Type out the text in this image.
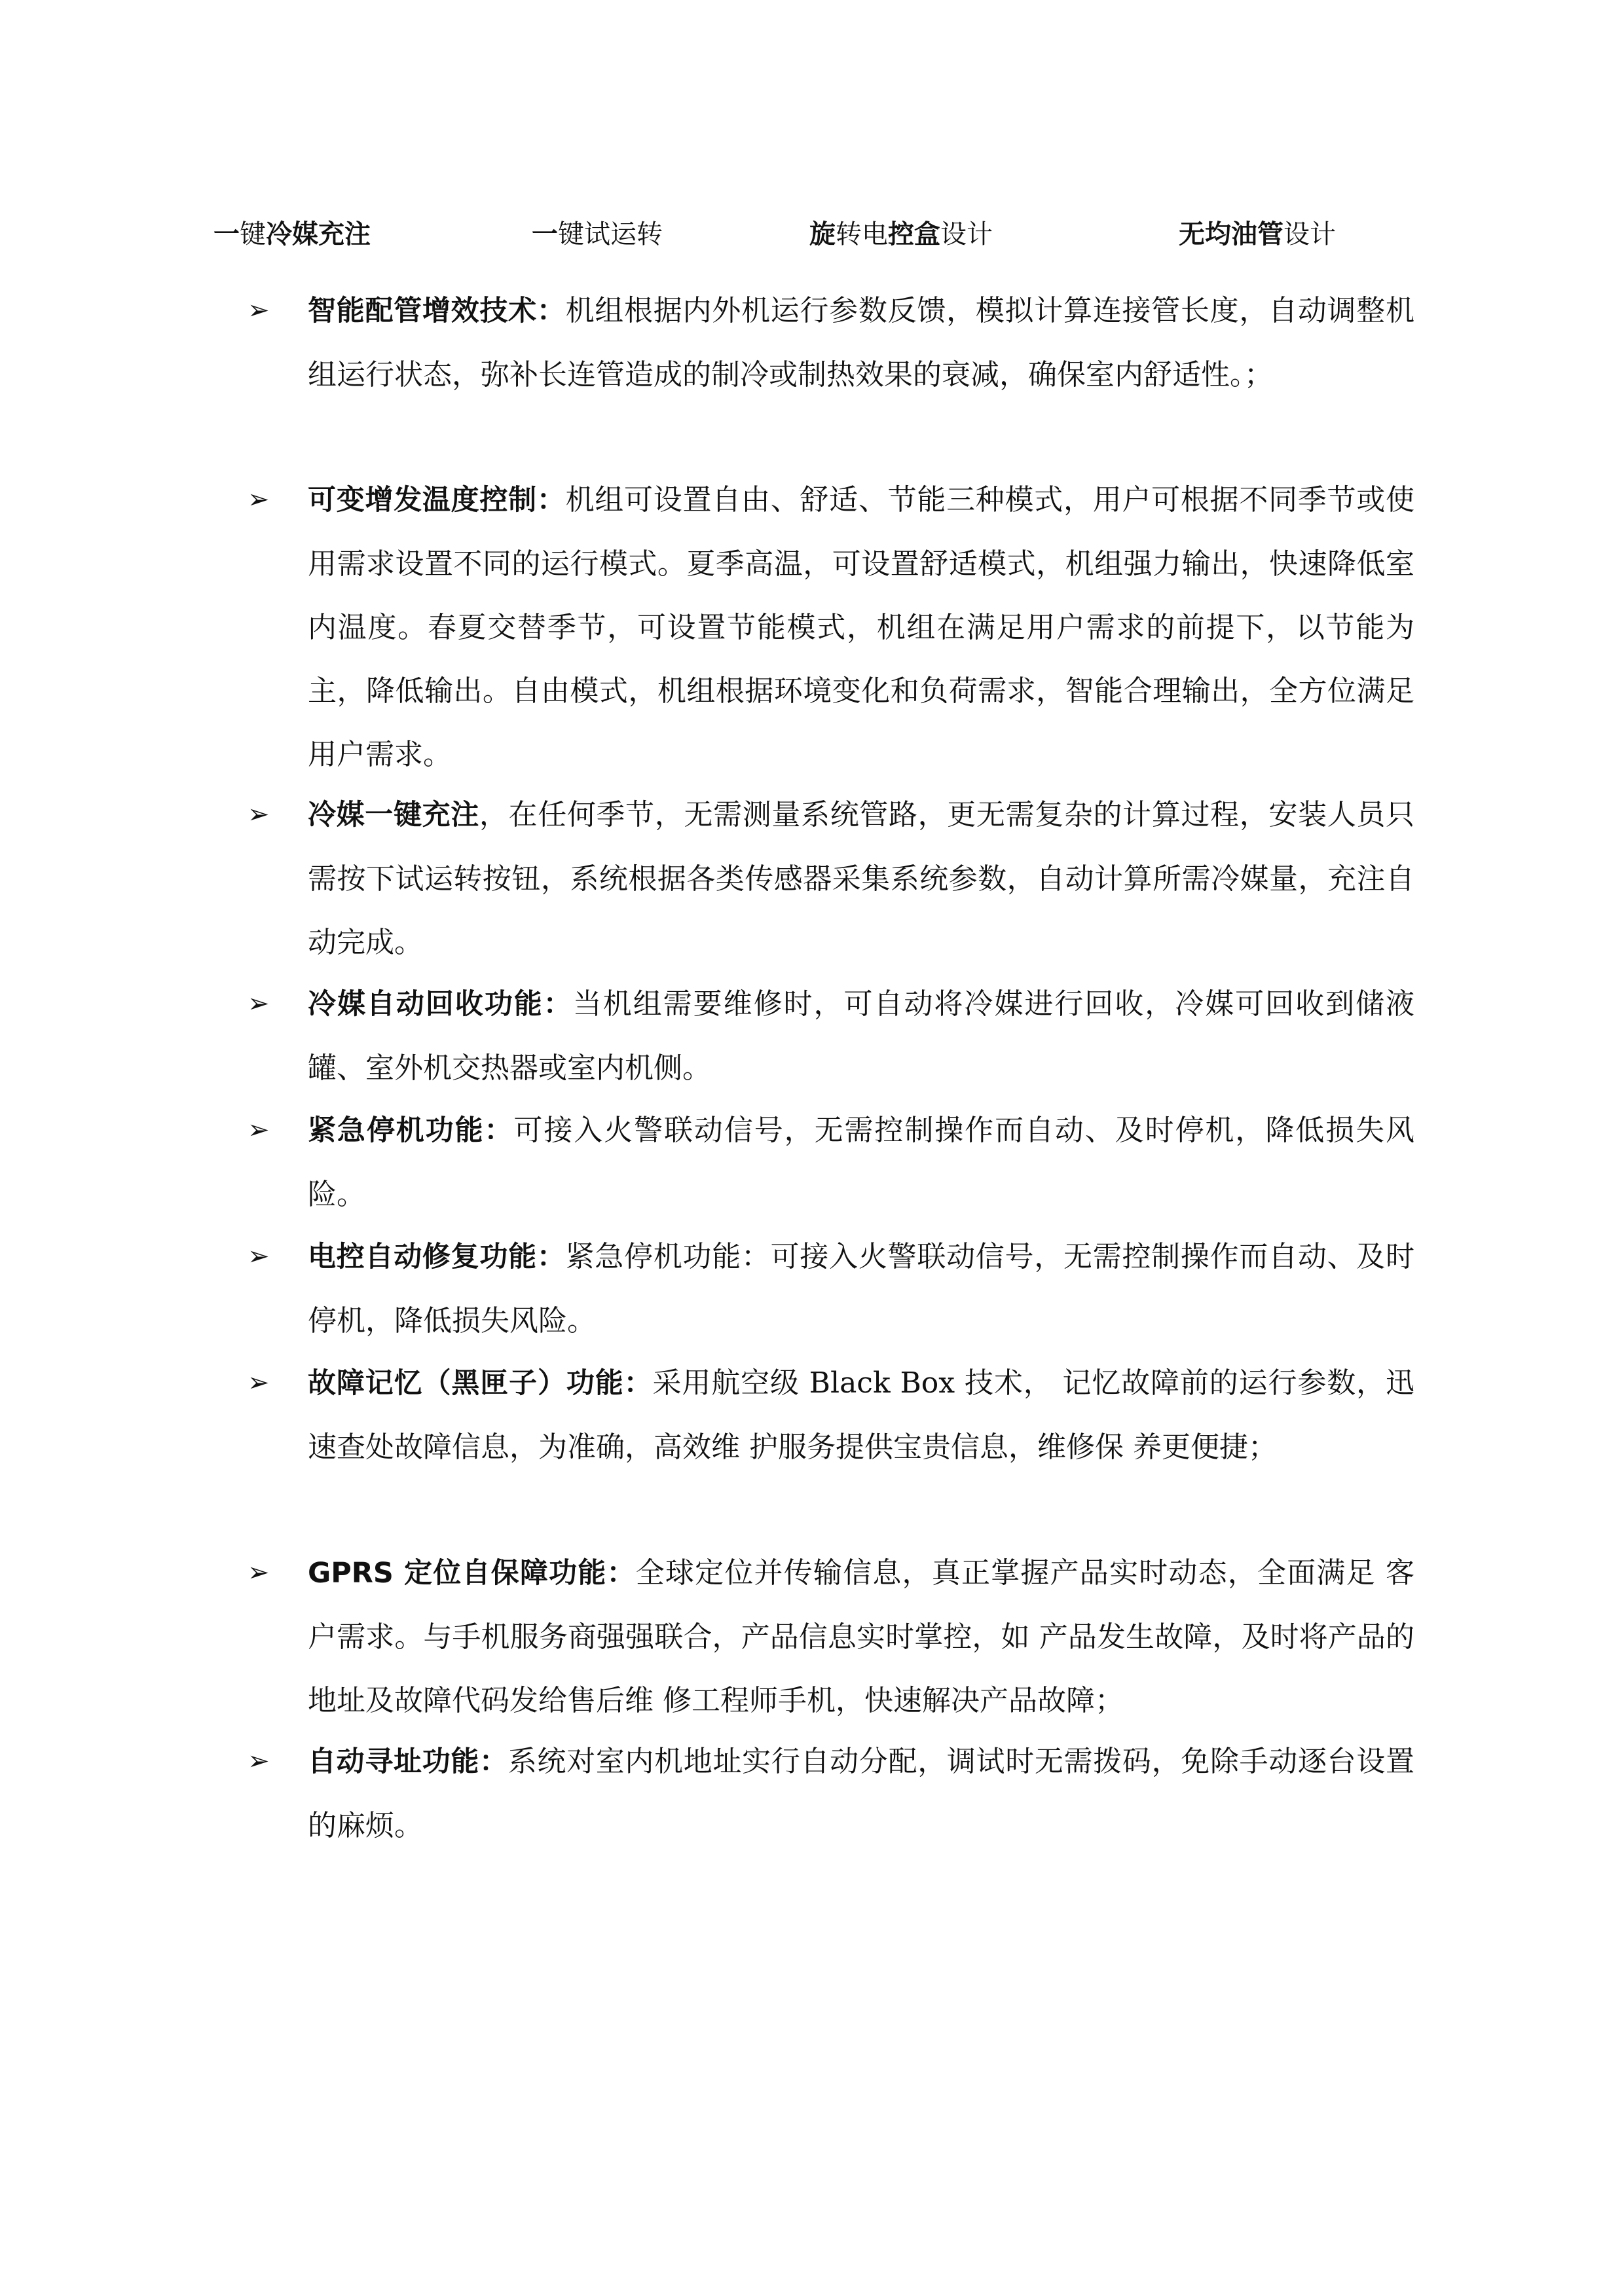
一键冷媒充注	一键试运转	旋转电控盒设计	无均油管设计
➢ 智能配管增效技术：机组根据内外机运行参数反馈，模拟计算连接管长度，自动调整机组运行状态，弥补长连管造成的制冷或制热效果的衰减，确保室内舒适性。；
➢ 可变增发温度控制：机组可设置自由、舒适、节能三种模式，用户可根据不同季节或使用需求设置不同的运行模式。夏季高温，可设置舒适模式，机组强力输出，快速降低室内温度。春夏交替季节，可设置节能模式，机组在满足用户需求的前提下，以节能为主，降低输出。自由模式，机组根据环境变化和负荷需求，智能合理输出，全方位满足用户需求。
➢ 冷媒一键充注，在任何季节，无需测量系统管路，更无需复杂的计算过程，安装人员只需按下试运转按钮，系统根据各类传感器采集系统参数，自动计算所需冷媒量，充注自动完成。
➢ 冷媒自动回收功能：当机组需要维修时，可自动将冷媒进行回收，冷媒可回收到储液罐、室外机交热器或室内机侧。
➢ 紧急停机功能：可接入火警联动信号，无需控制操作而自动、及时停机，降低损失风险。
➢ 电控自动修复功能：紧急停机功能：可接入火警联动信号，无需控制操作而自动、及时停机，降低损失风险。
➢ 故障记忆（黑匣子）功能：采用航空级 Black Box 技术， 记忆故障前的运行参数，迅速查处故障信息，为准确，高效维 护服务提供宝贵信息，维修保 养更便捷；
➢ GPRS 定位自保障功能：全球定位并传输信息，真正掌握产品实时动态，全面满足 客户需求。与手机服务商强强联合，产品信息实时掌控，如 产品发生故障，及时将产品的地址及故障代码发给售后维 修工程师手机，快速解决产品故障；
➢ 自动寻址功能：系统对室内机地址实行自动分配，调试时无需拨码，免除手动逐台设置的麻烦。
